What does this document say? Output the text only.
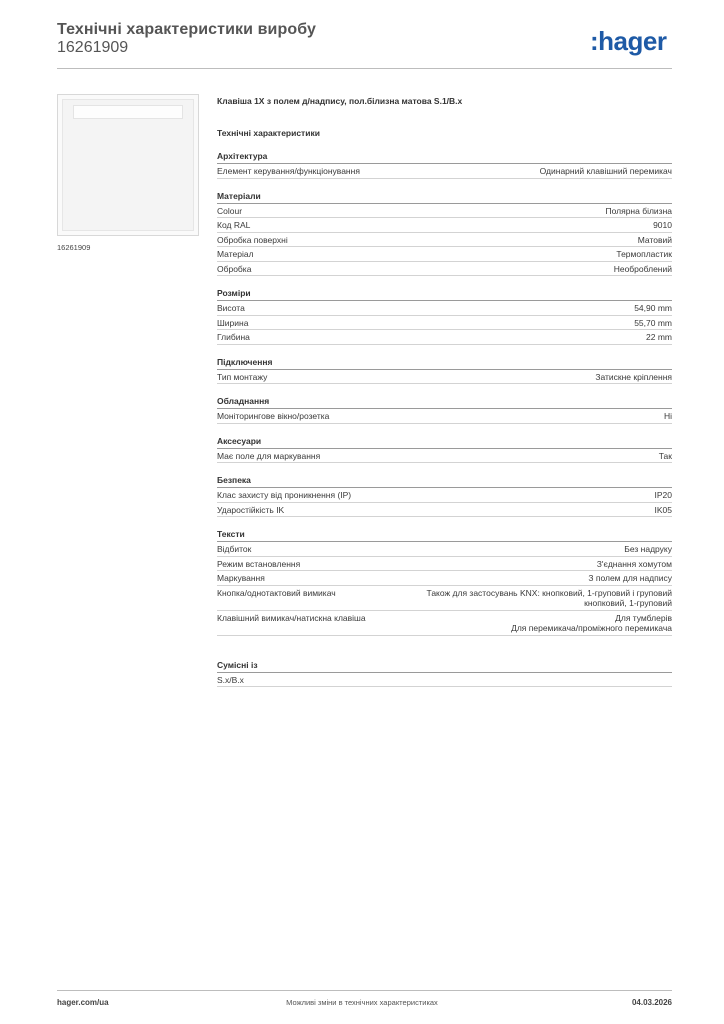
Технічні характеристики виробу
16261909	:hager
16261909
Клавіша 1X з полем д/надпису, пол.білизна матова S.1/B.x
Технічні характеристики
Архітектура
Елемент керування/функціонування	Одинарний клавішний перемикач
Матеріали
Colour	Полярна білизна
Код RAL	9010
Обробка поверхні	Матовий
Матеріал	Термопластик
Обробка	Необроблений
Розміри
Висота	54,90 mm
Ширина	55,70 mm
Глибина	22 mm
Підключення
Тип монтажу	Затискне кріплення
Обладнання
Моніторингове вікно/розетка	Ні
Аксесуари
Має поле для маркування	Так
Безпека
Клас захисту від проникнення (IP)	IP20
Ударостійкість IK	IK05
Тексти
Відбиток	Без надруку
Режим встановлення	З'єднання хомутом
Маркування	З полем для надпису
Кнопка/однотактовий вимикач	Також для застосувань KNX: кнопковий, 1-груповий і груповий
кнопковий, 1-груповий
Клавішний вимикач/натискна клавіша	Для тумблерів
Для перемикача/проміжного перемикача
Сумісні із
S.x/B.x
hager.com/ua	Можливі зміни в технічних характеристиках	04.03.2026
